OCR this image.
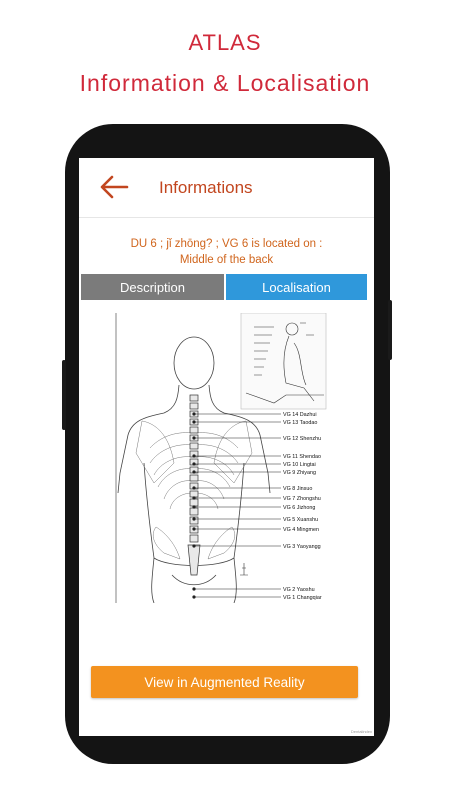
ATLAS
Information & Localisation
Informations
DU 6 ; jǐ zhōng? ; VG 6 is located on :
Middle of the back
Description	Localisation
VG 14 Dazhui
VG 13 Taodao
VG 12 Shenzhu
VG 11 Shendao
VG 10 Lingtai
VG 9 Zhiyang
VG 8 Jinsuo
VG 7 Zhongshu
VG 6 Jizhong
VG 5 Xuanshu
VG 4 Mingmen
VG 3 Yaoyangg
VG 2 Yaoshu
VG 1 Changqiar
View in Augmented Reality
Dentalindex
